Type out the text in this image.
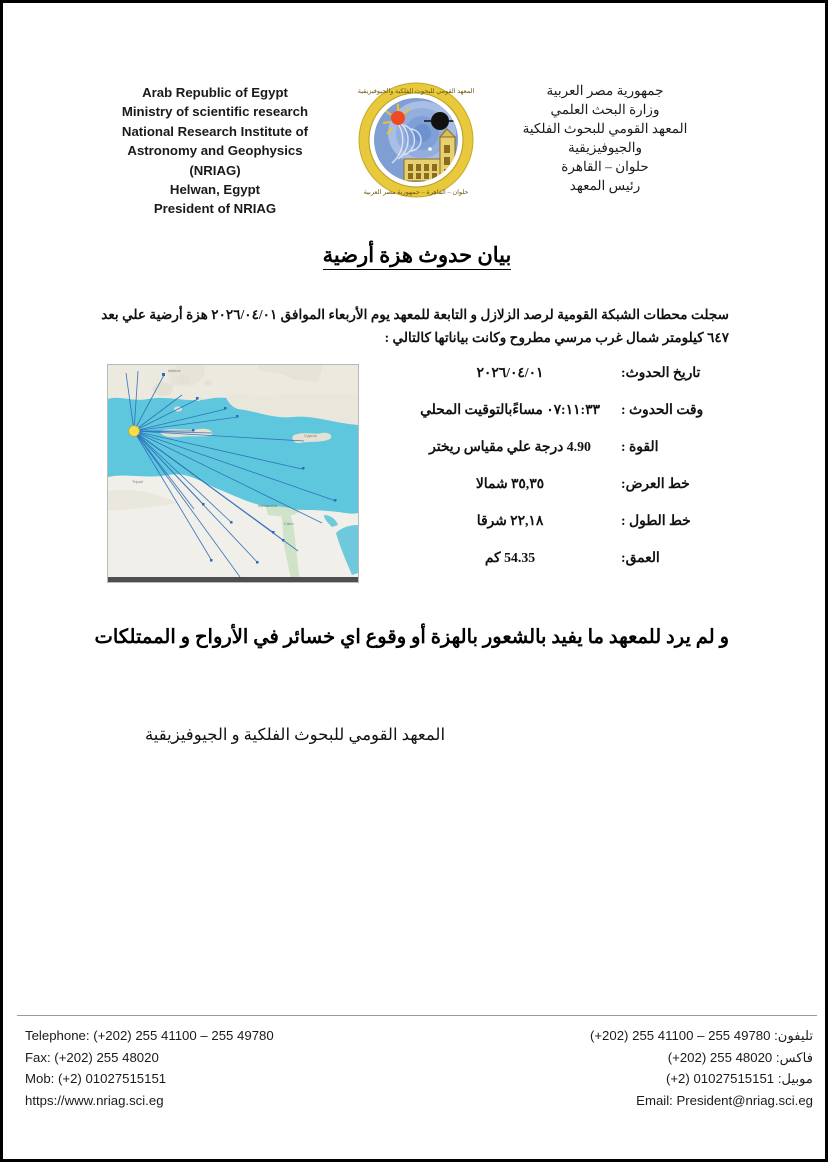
Arab Republic of Egypt
Ministry of scientific research
National Research Institute of
Astronomy and Geophysics
(NRIAG)
Helwan, Egypt
President of NRIAG
المعهد القومي للبحوث الفلكية والجيوفيزيقية
حلوان – القاهرة – جمهورية مصر العربية
جمهورية مصر العربية
وزارة البحث العلمي
المعهد القومي للبحوث الفلكية
والجيوفيزيقية
حلوان – القاهرة
رئيس المعهد
بيان حدوث هزة أرضية
سجلت محطات الشبكة القومية لرصد الزلازل و التابعة للمعهد يوم الأربعاء الموافق ٢٠٢٦/٠٤/٠١ هزة أرضية علي بعد ٦٤٧ كيلومتر شمال غرب مرسي مطروح وكانت بياناتها كالتالي :
Athens
Cyprus
Alexandria
Cairo
Tripoli
تاريخ الحدوث:
٢٠٢٦/٠٤/٠١
وقت الحدوث :
٠٧:١١:٣٣ مساءًبالتوقيت المحلي
القوة :
4.90 درجة علي مقياس ريختر
خط العرض:
٣٥,٣٥ شمالا
خط الطول :
٢٢,١٨ شرقا
العمق:
54.35 كم
و لم يرد للمعهد ما يفيد بالشعور بالهزة أو وقوع اي خسائر في الأرواح و الممتلكات
المعهد القومي للبحوث الفلكية و الجيوفيزيقية
Telephone: (+202) 255 41100 – 255 49780
Fax: (+202) 255 48020
Mob: (+2) 01027515151
https://www.nriag.sci.eg
تليفون: (+202) 255 41100 – 255 49780
فاكس: (+202) 255 48020
موبيل: (+2) 01027515151
Email: President@nriag.sci.eg
